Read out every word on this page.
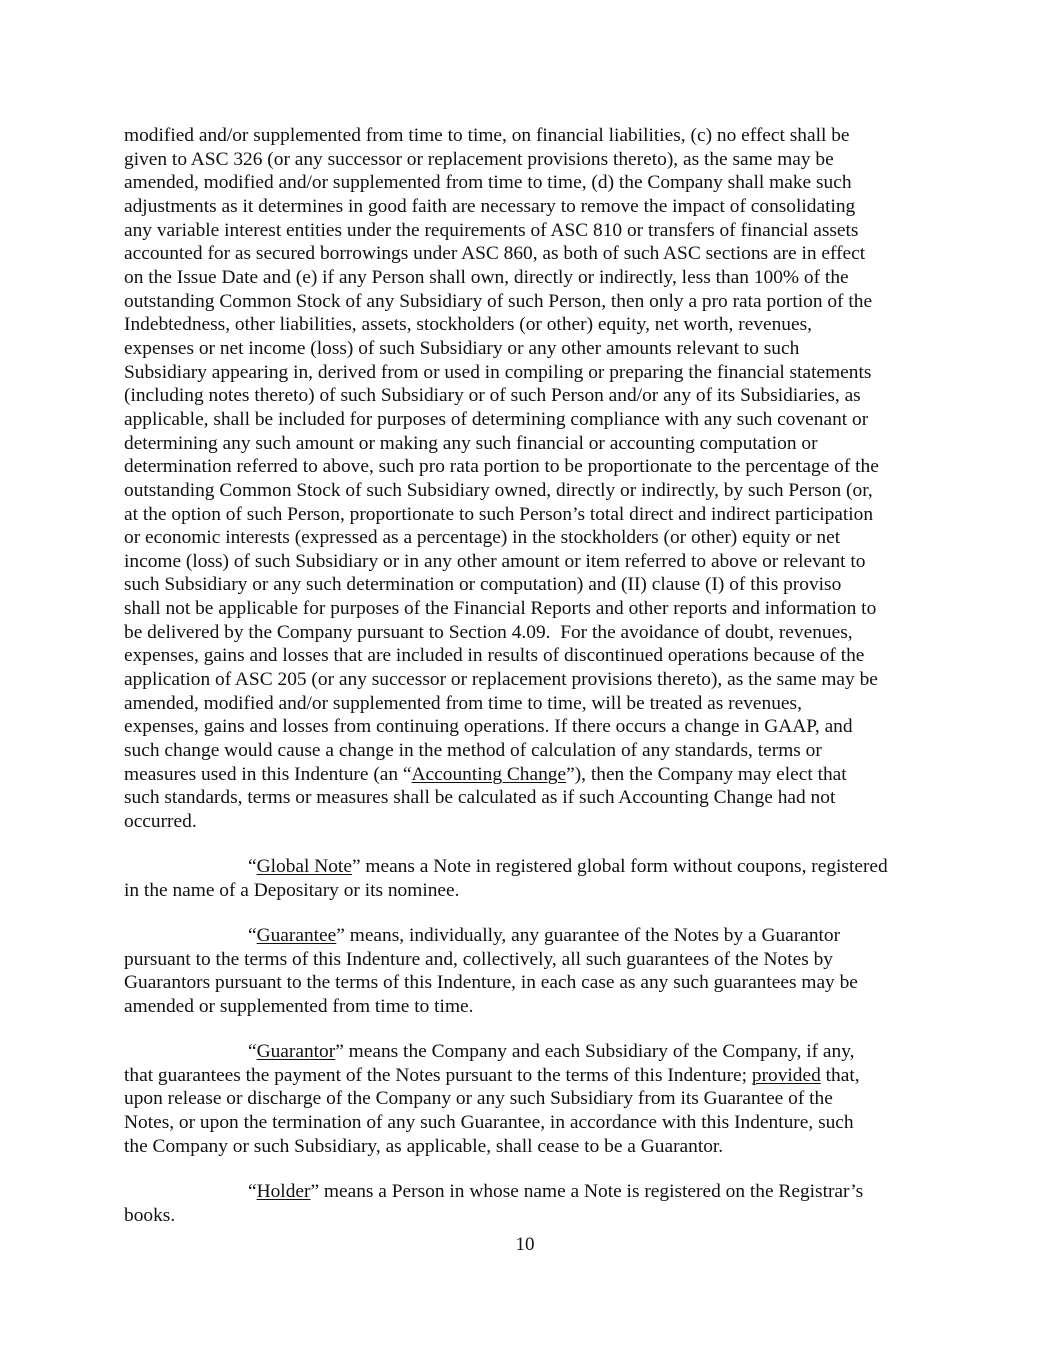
modified and/or supplemented from time to time, on financial liabilities, (c) no effect shall be
given to ASC 326 (or any successor or replacement provisions thereto), as the same may be
amended, modified and/or supplemented from time to time, (d) the Company shall make such
adjustments as it determines in good faith are necessary to remove the impact of consolidating
any variable interest entities under the requirements of ASC 810 or transfers of financial assets
accounted for as secured borrowings under ASC 860, as both of such ASC sections are in effect
on the Issue Date and (e) if any Person shall own, directly or indirectly, less than 100% of the
outstanding Common Stock of any Subsidiary of such Person, then only a pro rata portion of the
Indebtedness, other liabilities, assets, stockholders (or other) equity, net worth, revenues,
expenses or net income (loss) of such Subsidiary or any other amounts relevant to such
Subsidiary appearing in, derived from or used in compiling or preparing the financial statements
(including notes thereto) of such Subsidiary or of such Person and/or any of its Subsidiaries, as
applicable, shall be included for purposes of determining compliance with any such covenant or
determining any such amount or making any such financial or accounting computation or
determination referred to above, such pro rata portion to be proportionate to the percentage of the
outstanding Common Stock of such Subsidiary owned, directly or indirectly, by such Person (or,
at the option of such Person, proportionate to such Person’s total direct and indirect participation
or economic interests (expressed as a percentage) in the stockholders (or other) equity or net
income (loss) of such Subsidiary or in any other amount or item referred to above or relevant to
such Subsidiary or any such determination or computation) and (II) clause (I) of this proviso
shall not be applicable for purposes of the Financial Reports and other reports and information to
be delivered by the Company pursuant to Section 4.09.  For the avoidance of doubt, revenues,
expenses, gains and losses that are included in results of discontinued operations because of the
application of ASC 205 (or any successor or replacement provisions thereto), as the same may be
amended, modified and/or supplemented from time to time, will be treated as revenues,
expenses, gains and losses from continuing operations. If there occurs a change in GAAP, and
such change would cause a change in the method of calculation of any standards, terms or
measures used in this Indenture (an “Accounting Change”), then the Company may elect that
such standards, terms or measures shall be calculated as if such Accounting Change had not
occurred.
“Global Note” means a Note in registered global form without coupons, registered
in the name of a Depositary or its nominee.
“Guarantee” means, individually, any guarantee of the Notes by a Guarantor
pursuant to the terms of this Indenture and, collectively, all such guarantees of the Notes by
Guarantors pursuant to the terms of this Indenture, in each case as any such guarantees may be
amended or supplemented from time to time.
“Guarantor” means the Company and each Subsidiary of the Company, if any,
that guarantees the payment of the Notes pursuant to the terms of this Indenture; provided that,
upon release or discharge of the Company or any such Subsidiary from its Guarantee of the
Notes, or upon the termination of any such Guarantee, in accordance with this Indenture, such
the Company or such Subsidiary, as applicable, shall cease to be a Guarantor.
“Holder” means a Person in whose name a Note is registered on the Registrar’s
books.
10
